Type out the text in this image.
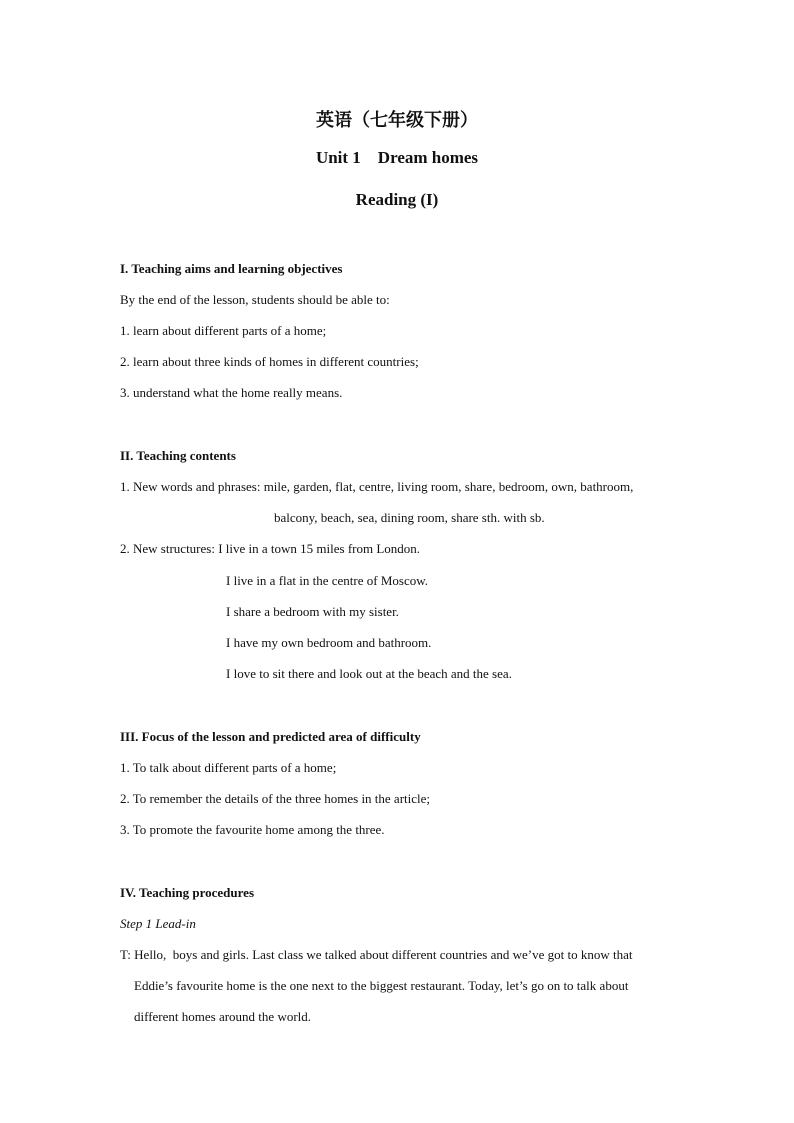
英语（七年级下册）
Unit 1    Dream homes
Reading (I)
I. Teaching aims and learning objectives
By the end of the lesson, students should be able to:
1. learn about different parts of a home;
2. learn about three kinds of homes in different countries;
3. understand what the home really means.
II. Teaching contents
1. New words and phrases: mile, garden, flat, centre, living room, share, bedroom, own, bathroom,
balcony, beach, sea, dining room, share sth. with sb.
2. New structures: I live in a town 15 miles from London.
I live in a flat in the centre of Moscow.
I share a bedroom with my sister.
I have my own bedroom and bathroom.
I love to sit there and look out at the beach and the sea.
III. Focus of the lesson and predicted area of difficulty
1. To talk about different parts of a home;
2. To remember the details of the three homes in the article;
3. To promote the favourite home among the three.
IV. Teaching procedures
Step 1 Lead-in
T: Hello,  boys and girls. Last class we talked about different countries and we’ve got to know that
Eddie’s favourite home is the one next to the biggest restaurant. Today, let’s go on to talk about
different homes around the world.
